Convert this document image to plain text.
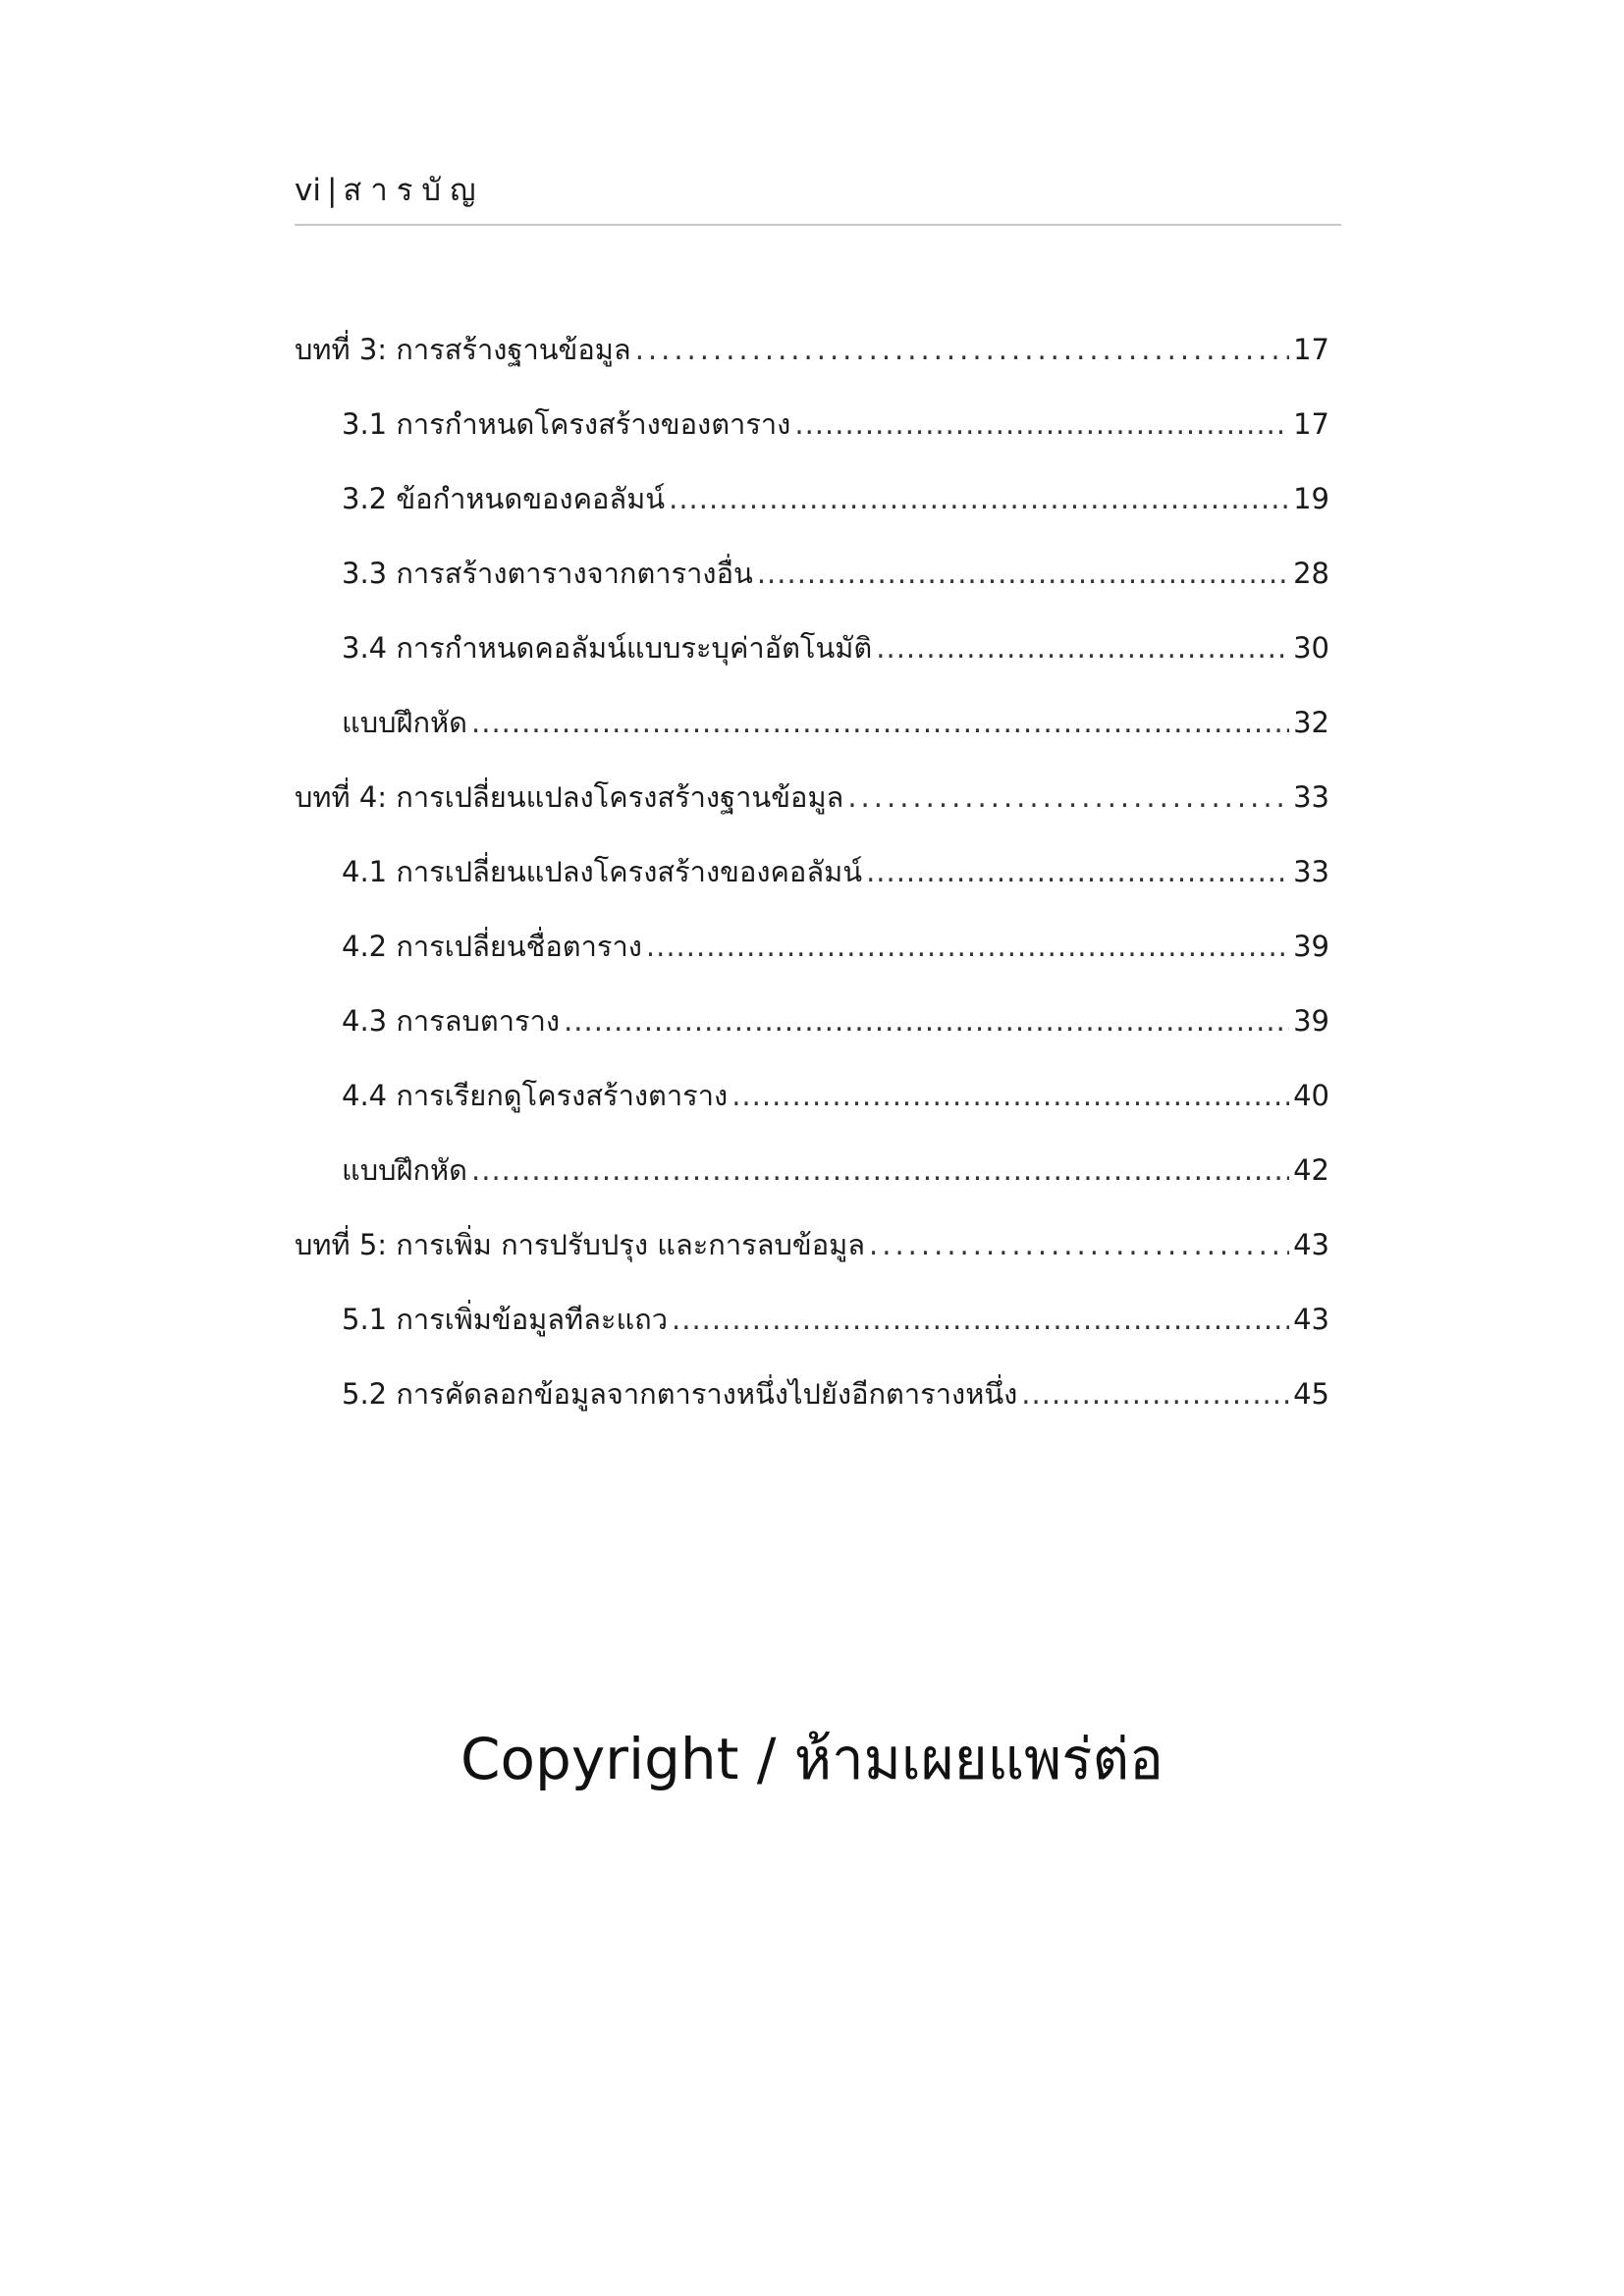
vi | สารบัญ
บทที่ 3: การสร้างฐานข้อมูล .....	17
3.1 การกำหนดโครงสร้างของตาราง .....	17
3.2 ข้อกำหนดของคอลัมน์ .....	19
3.3 การสร้างตารางจากตารางอื่น .....	28
3.4 การกำหนดคอลัมน์แบบระบุค่าอัตโนมัติ .....	30
แบบฝึกหัด .....	32
บทที่ 4: การเปลี่ยนแปลงโครงสร้างฐานข้อมูล .....	33
4.1 การเปลี่ยนแปลงโครงสร้างของคอลัมน์ .....	33
4.2 การเปลี่ยนชื่อตาราง .....	39
4.3 การลบตาราง .....	39
4.4 การเรียกดูโครงสร้างตาราง .....	40
แบบฝึกหัด .....	42
บทที่ 5: การเพิ่ม การปรับปรุง และการลบข้อมูล .....	43
5.1 การเพิ่มข้อมูลทีละแถว .....	43
5.2 การคัดลอกข้อมูลจากตารางหนึ่งไปยังอีกตารางหนึ่ง .....	45
Copyright / ห้ามเผยแพร่ต่อ
